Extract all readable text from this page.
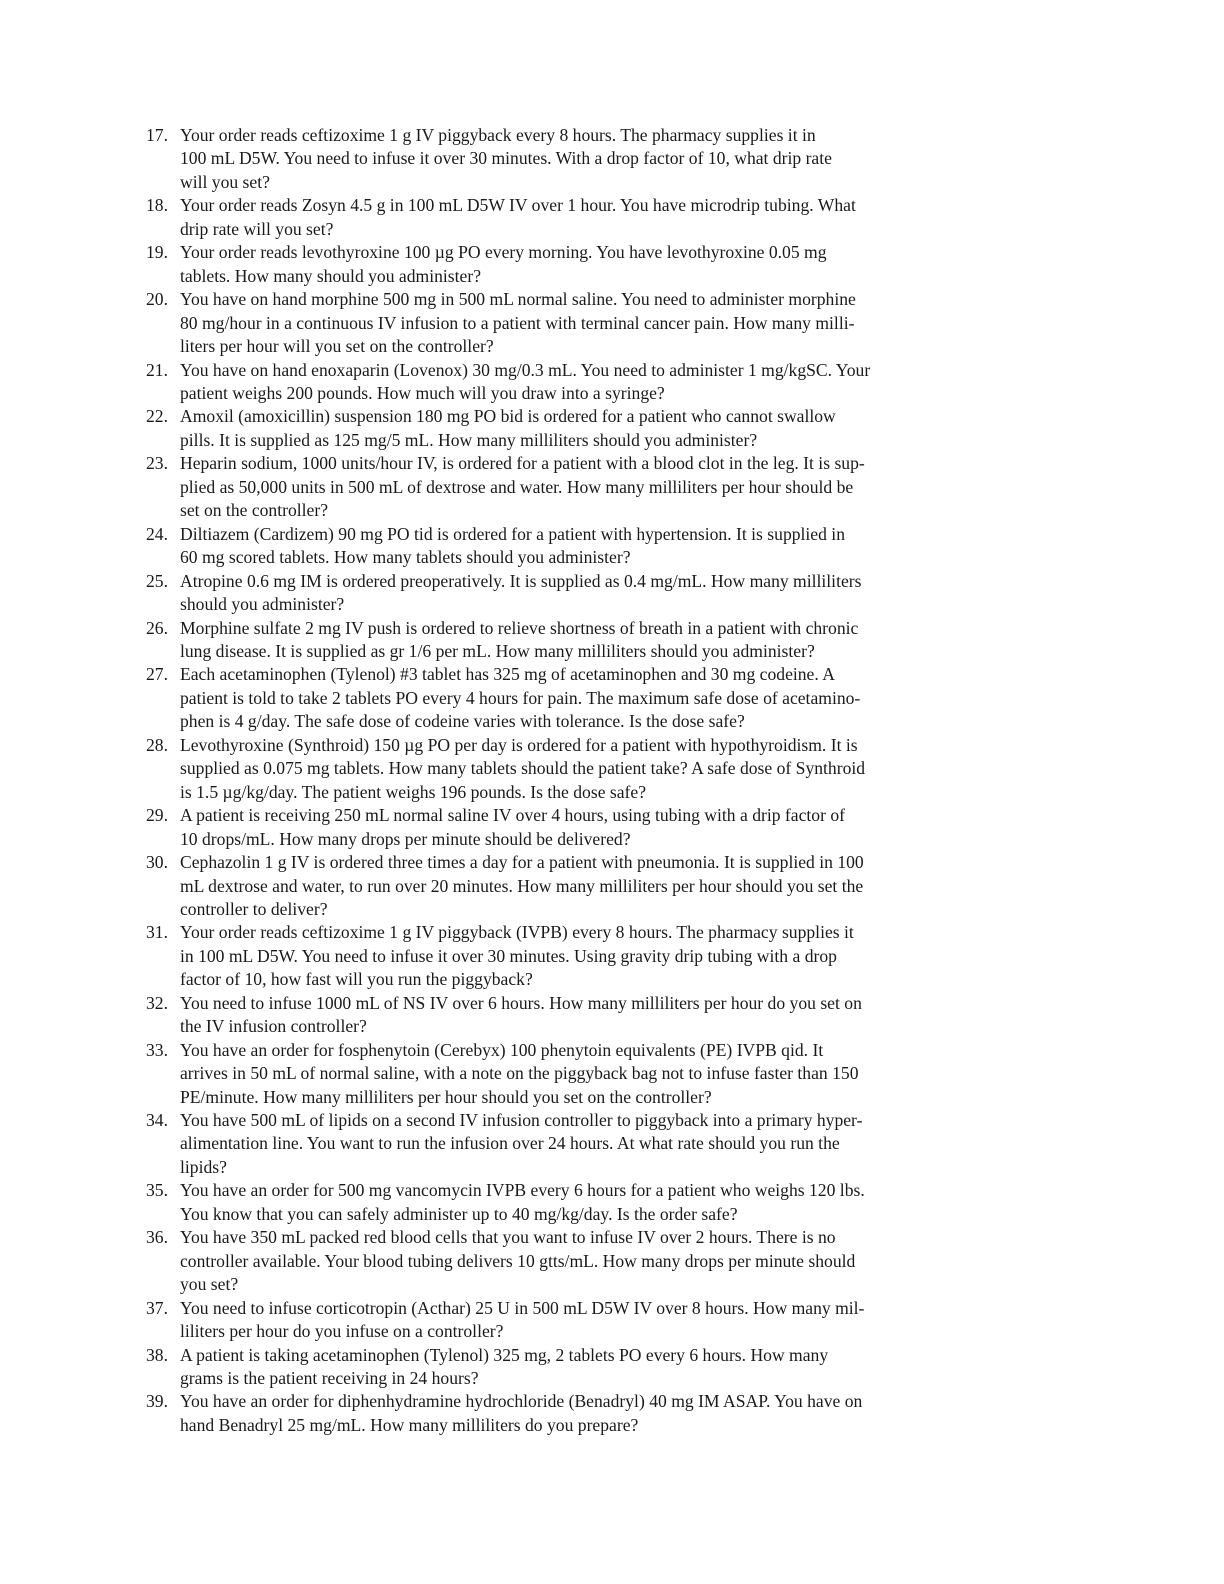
17. Your order reads ceftizoxime 1 g IV piggyback every 8 hours. The pharmacy supplies it in
100 mL D5W. You need to infuse it over 30 minutes. With a drop factor of 10, what drip rate
will you set?
18. Your order reads Zosyn 4.5 g in 100 mL D5W IV over 1 hour. You have microdrip tubing. What
drip rate will you set?
19. Your order reads levothyroxine 100 µg PO every morning. You have levothyroxine 0.05 mg
tablets. How many should you administer?
20. You have on hand morphine 500 mg in 500 mL normal saline. You need to administer morphine
80 mg/hour in a continuous IV infusion to a patient with terminal cancer pain. How many milli-
liters per hour will you set on the controller?
21. You have on hand enoxaparin (Lovenox) 30 mg/0.3 mL. You need to administer 1 mg/kgSC. Your
patient weighs 200 pounds. How much will you draw into a syringe?
22. Amoxil (amoxicillin) suspension 180 mg PO bid is ordered for a patient who cannot swallow
pills. It is supplied as 125 mg/5 mL. How many milliliters should you administer?
23. Heparin sodium, 1000 units/hour IV, is ordered for a patient with a blood clot in the leg. It is sup-
plied as 50,000 units in 500 mL of dextrose and water. How many milliliters per hour should be
set on the controller?
24. Diltiazem (Cardizem) 90 mg PO tid is ordered for a patient with hypertension. It is supplied in
60 mg scored tablets. How many tablets should you administer?
25. Atropine 0.6 mg IM is ordered preoperatively. It is supplied as 0.4 mg/mL. How many milliliters
should you administer?
26. Morphine sulfate 2 mg IV push is ordered to relieve shortness of breath in a patient with chronic
lung disease. It is supplied as gr 1/6 per mL. How many milliliters should you administer?
27. Each acetaminophen (Tylenol) #3 tablet has 325 mg of acetaminophen and 30 mg codeine. A
patient is told to take 2 tablets PO every 4 hours for pain. The maximum safe dose of acetamino-
phen is 4 g/day. The safe dose of codeine varies with tolerance. Is the dose safe?
28. Levothyroxine (Synthroid) 150 µg PO per day is ordered for a patient with hypothyroidism. It is
supplied as 0.075 mg tablets. How many tablets should the patient take? A safe dose of Synthroid
is 1.5 µg/kg/day. The patient weighs 196 pounds. Is the dose safe?
29. A patient is receiving 250 mL normal saline IV over 4 hours, using tubing with a drip factor of
10 drops/mL. How many drops per minute should be delivered?
30. Cephazolin 1 g IV is ordered three times a day for a patient with pneumonia. It is supplied in 100
mL dextrose and water, to run over 20 minutes. How many milliliters per hour should you set the
controller to deliver?
31. Your order reads ceftizoxime 1 g IV piggyback (IVPB) every 8 hours. The pharmacy supplies it
in 100 mL D5W. You need to infuse it over 30 minutes. Using gravity drip tubing with a drop
factor of 10, how fast will you run the piggyback?
32. You need to infuse 1000 mL of NS IV over 6 hours. How many milliliters per hour do you set on
the IV infusion controller?
33. You have an order for fosphenytoin (Cerebyx) 100 phenytoin equivalents (PE) IVPB qid. It
arrives in 50 mL of normal saline, with a note on the piggyback bag not to infuse faster than 150
PE/minute. How many milliliters per hour should you set on the controller?
34. You have 500 mL of lipids on a second IV infusion controller to piggyback into a primary hyper-
alimentation line. You want to run the infusion over 24 hours. At what rate should you run the
lipids?
35. You have an order for 500 mg vancomycin IVPB every 6 hours for a patient who weighs 120 lbs.
You know that you can safely administer up to 40 mg/kg/day. Is the order safe?
36. You have 350 mL packed red blood cells that you want to infuse IV over 2 hours. There is no
controller available. Your blood tubing delivers 10 gtts/mL. How many drops per minute should
you set?
37. You need to infuse corticotropin (Acthar) 25 U in 500 mL D5W IV over 8 hours. How many mil-
liliters per hour do you infuse on a controller?
38. A patient is taking acetaminophen (Tylenol) 325 mg, 2 tablets PO every 6 hours. How many
grams is the patient receiving in 24 hours?
39. You have an order for diphenhydramine hydrochloride (Benadryl) 40 mg IM ASAP. You have on
hand Benadryl 25 mg/mL. How many milliliters do you prepare?
